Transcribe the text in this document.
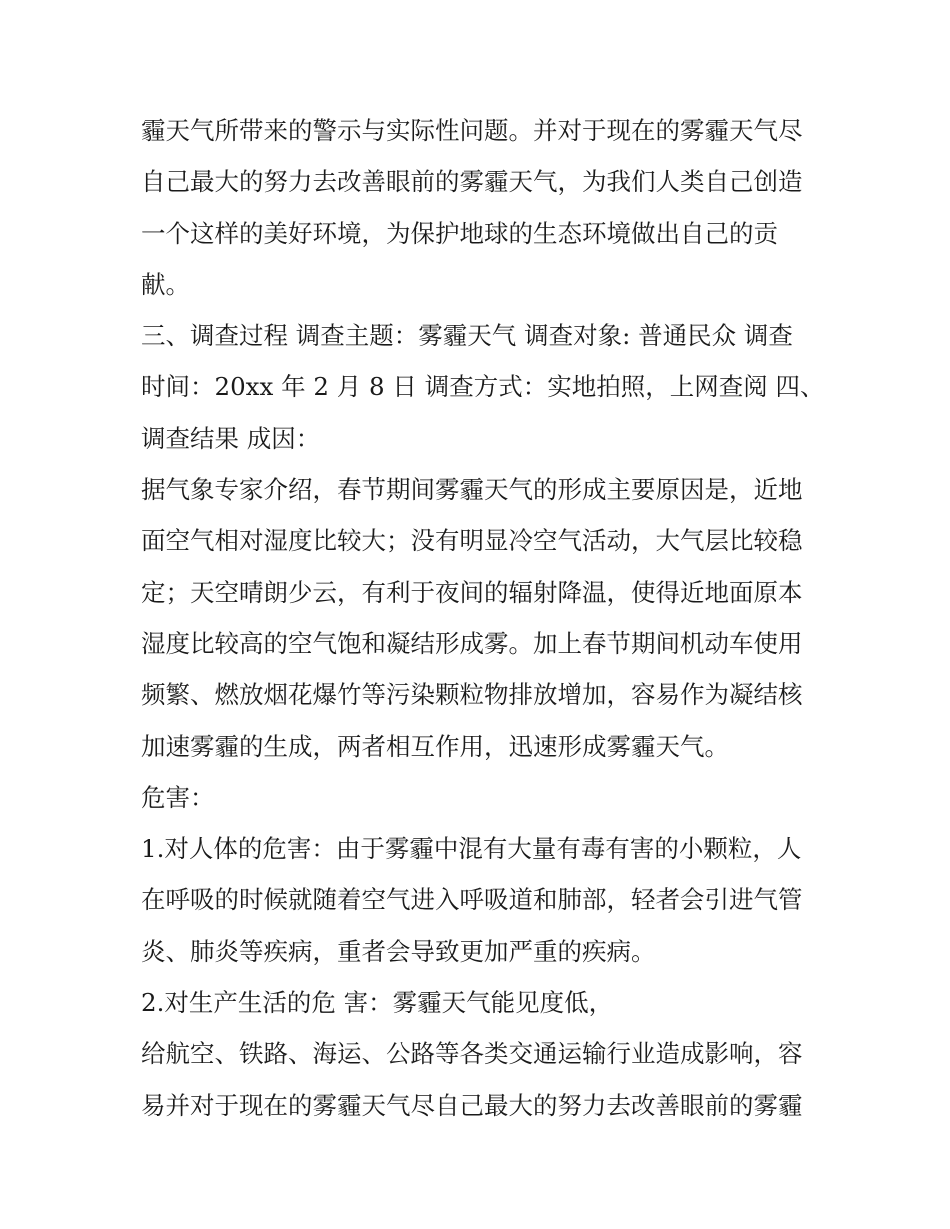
霾天气所带来的警示与实际性问题。并对于现在的雾霾天气尽
自己最大的努力去改善眼前的雾霾天气，为我们人类自己创造
一个这样的美好环境，为保护地球的生态环境做出自己的贡
献。
三、调查过程 调查主题：雾霾天气 调查对象: 普通民众 调查
时间：20xx 年 2 月 8 日 调查方式：实地拍照，上网查阅 四、
调查结果 成因：
据气象专家介绍，春节期间雾霾天气的形成主要原因是，近地
面空气相对湿度比较大；没有明显冷空气活动，大气层比较稳
定；天空晴朗少云，有利于夜间的辐射降温，使得近地面原本
湿度比较高的空气饱和凝结形成雾。加上春节期间机动车使用
频繁、燃放烟花爆竹等污染颗粒物排放增加，容易作为凝结核
加速雾霾的生成，两者相互作用，迅速形成雾霾天气。
危害：
1.对人体的危害：由于雾霾中混有大量有毒有害的小颗粒，人
在呼吸的时候就随着空气进入呼吸道和肺部，轻者会引进气管
炎、肺炎等疾病，重者会导致更加严重的疾病。
2.对生产生活的危 害：雾霾天气能见度低，
给航空、铁路、海运、公路等各类交通运输行业造成影响，容
易并对于现在的雾霾天气尽自己最大的努力去改善眼前的雾霾
